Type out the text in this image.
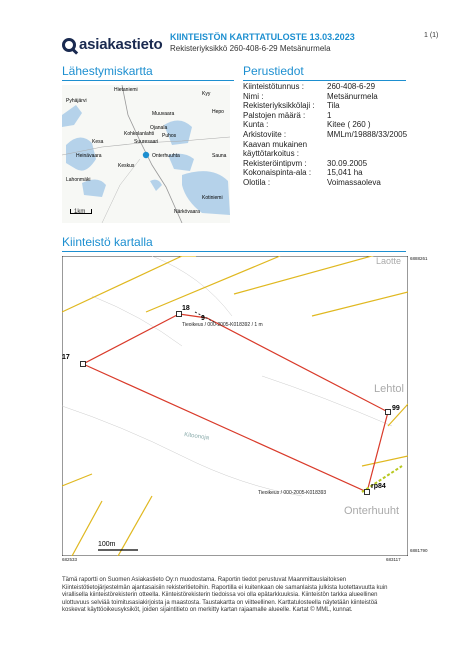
asiakastieto KIINTEISTÖN KARTTATULOSTE 13.03.2023
Rekisteriyksikkö 260-408-6-29 Metsänurmela
1 (1)
Lähestymiskartta	Perustiedot
Pyhäjärvi
Hietaniemi
Kyy
Hepo
Muuvaara
Ojanala
Puhos
Kohkolanlahti
Suuresaari
Kesa
Onterhuuhta	Sauna
Heinävaara
Lahonmäki
Keskus
Kotiniemi
Närkövaara
1km
Kiinteistötunnus :	260-408-6-29
Nimi :	Metsänurmela
Rekisteriyksikkölaji :	Tila
Palstojen määrä :	1
Kunta :	Kitee ( 260 )
Arkistoviite :	MMLm/19888/33/2005
Kaavan mukainen	
käyttötarkoitus :	
Rekisteröintipvm :	30.09.2005
Kokonaispinta-ala :	15,041 ha
Olotila :	Voimassaoleva
Kiinteistö kartalla
18
9
17
99
rp84
Tieoikeus / 000-2005-K018392 / 1 m
Tieoikeus / 000-2005-K018393
Kitoonoja
Lehtol
Onterhuuht
Laotte
100m
6888261
6881790
682533	683117
Tämä raportti on Suomen Asiakastieto Oy:n muodostama. Raportin tiedot perustuvat Maanmittauslaitoksen Kiinteistötietojärjestelmän ajantasaisiin rekisteritietoihin. Raportilla ei kuitenkaan ole samanlaista julkista luotettavuutta kuin virallisella kiinteistörekisterin otteella. Kiinteistörekisterin tiedoissa voi olla epätarkkuuksia. Kiinteistön tarkka alueellinen ulottuvuus selviää toimitusasiakirjoista ja maastosta. Taustakartta on viitteellinen. Karttatulosteella näytetään kiinteistöä koskevat käyttöoikeusyksiköt, joiden sijaintitieto on merkitty kartan rajaamalle alueelle. Kartat © MML, kunnat.
